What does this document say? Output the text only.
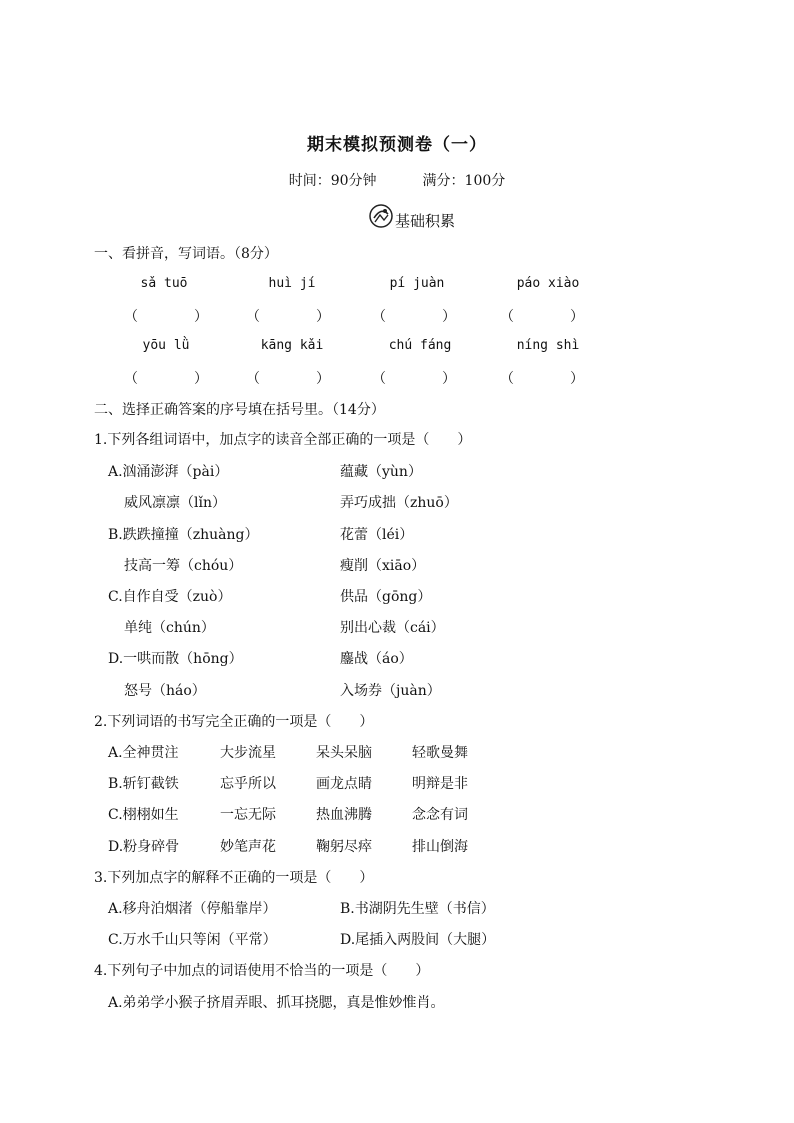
期末模拟预测卷（一）
时间：90分钟	满分：100分
基础积累
一、看拼音，写词语。（8分）
sǎ tuō	huì jí	pí juàn	páo xiào
（	）	（	）	（	）	（	）
yōu lǜ	kāng kǎi	chú fáng	níng shì
（	）	（	）	（	）	（	）
二、选择正确答案的序号填在括号里。（14分）
1.下列各组词语中，加点字的读音全部正确的一项是（　　）
A.汹涌澎湃（pài）	蕴藏（yùn）
威风凛凛（lǐn）	弄巧成拙（zhuō）
B.跌跌撞撞（zhuàng）	花蕾（léi）
技高一筹（chóu）	瘦削（xiāo）
C.自作自受（zuò）	供品（gōng）
单纯（chún）	别出心裁（cái）
D.一哄而散（hōng）	鏖战（áo）
怒号（háo）	入场券（juàn）
2.下列词语的书写完全正确的一项是（　　）
A.全神贯注	大步流星	呆头呆脑	轻歌曼舞
B.斩钉截铁	忘乎所以	画龙点睛	明辩是非
C.栩栩如生	一忘无际	热血沸腾	念念有词
D.粉身碎骨	妙笔声花	鞠躬尽瘁	排山倒海
3.下列加点字的解释不正确的一项是（　　）
A.移舟泊烟渚（停船靠岸）	B.书湖阴先生壁（书信）
C.万水千山只等闲（平常）	D.尾插入两股间（大腿）
4.下列句子中加点的词语使用不恰当的一项是（　　）
A.弟弟学小猴子挤眉弄眼、抓耳挠腮，真是惟妙惟肖。
